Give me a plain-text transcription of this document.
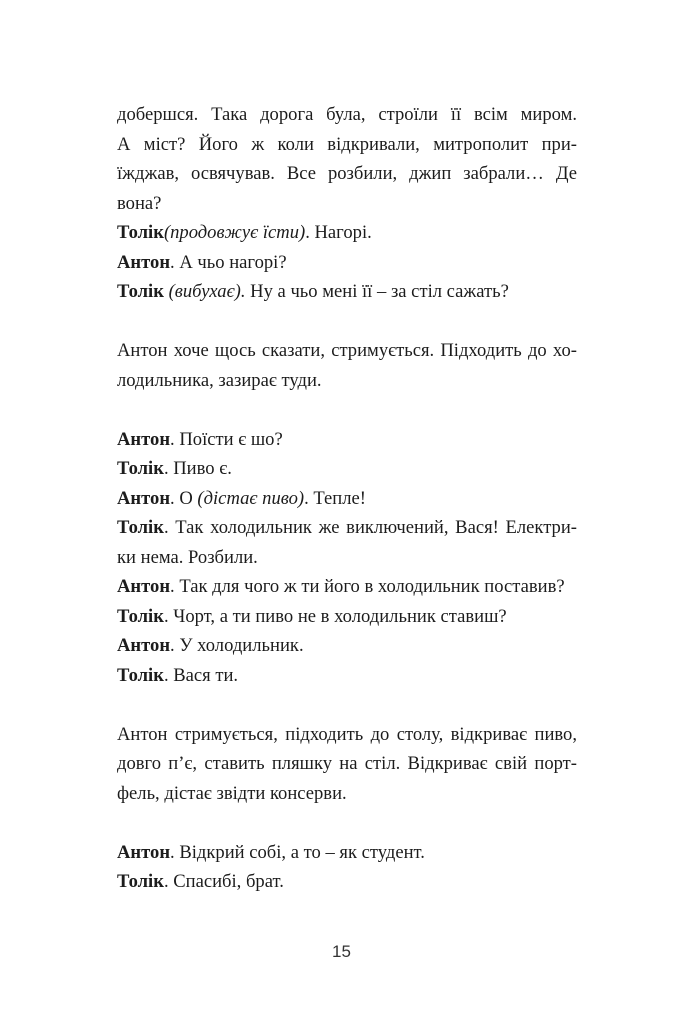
добершся. Така дорога була, строїли її всім миром.
А міст? Його ж коли відкривали, митрополит при-
їжджав, освячував. Все розбили, джип забрали… Де
вона?
Толік(продовжує їсти). Нагорі.
Антон. А чьо нагорі?
Толік (вибухає). Ну а чьо мені її – за стіл сажать?
Антон хоче щось сказати, стримується. Підходить до хо-
лодильника, зазирає туди.
Антон. Поїсти є шо?
Толік. Пиво є.
Антон. О (дістає пиво). Тепле!
Толік. Так холодильник же виключений, Вася! Електри-
ки нема. Розбили.
Антон. Так для чого ж ти його в холодильник поставив?
Толік. Чорт, а ти пиво не в холодильник ставиш?
Антон. У холодильник.
Толік. Вася ти.
Антон стримується, підходить до столу, відкриває пиво,
довго п’є, ставить пляшку на стіл. Відкриває свій порт-
фель, дістає звідти консерви.
Антон. Відкрий собі, а то – як студент.
Толік. Спасибі, брат.
15
